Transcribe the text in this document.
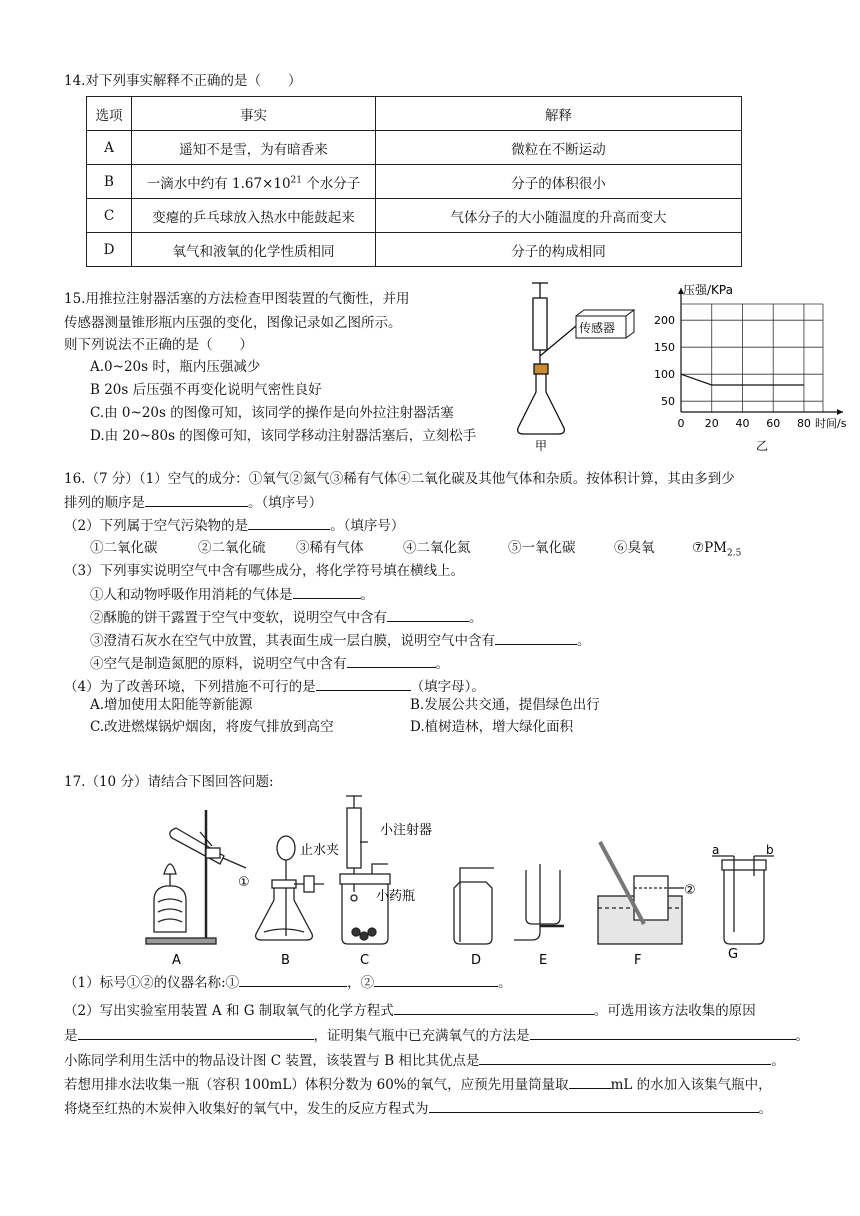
14.对下列事实解释不正确的是（　　）
选项	事实	解释
A	遥知不是雪，为有暗香来	微粒在不断运动
B	一滴水中约有 $1.67\times 10^{21}$ 个水分子	分子的体积很小
C	变瘪的乒乓球放入热水中能鼓起来	气体分子的大小随温度的升高而变大
D	氧气和液氧的化学性质相同	分子的构成相同
15.用推拉注射器活塞的方法检查甲图装置的气衡性，并用
传感器测量锥形瓶内压强的变化，图像记录如乙图所示。
则下列说法不正确的是（　　）
A.0~20s 时，瓶内压强减少
B 20s 后压强不再变化说明气密性良好
C.由 0~20s 的图像可知，该同学的操作是向外拉注射器活塞
D.由 20~80s 的图像可知，该同学移动注射器活塞后，立刻松手
传感器
甲
0 20 40 60 80
50
100
150
200
压强/KPa
时间/s
乙
16.（7 分）（1）空气的成分：①氧气②氮气③稀有气体④二氧化碳及其他气体和杂质。按体积计算，其由多到少
排列的顺序是	。（填序号）
（2）下列属于空气污染物的是	。（填序号）
①二氧化碳	②二氧化硫 ③稀有气体	④二氧化氮	⑤一氧化碳	⑥臭氧	$⑦PM_{2.5}$
（3）下列事实说明空气中含有哪些成分，将化学符号填在横线上。
①人和动物呼吸作用消耗的气体是	。
②酥脆的饼干露置于空气中变软，说明空气中含有	。
③澄清石灰水在空气中放置，其表面生成一层白膜，说明空气中含有	。
④空气是制造氮肥的原料，说明空气中含有	。
（4）为了改善环境，下列措施不可行的是	（填字母）。
A.增加使用太阳能等新能源	B.发展公共交通，提倡绿色出行
C.改进燃煤锅炉烟囱，将废气排放到高空	D.植树造林，增大绿化面积
17.（10 分）请结合下图回答问题:
小注射器
小药瓶
止水夹
①
②
a	b
A	B	C	D	E	F	G
（1）标号①②的仪器名称:①	，②	。
（2）写出实验室用装置 A 和 G 制取氧气的化学方程式	。可选用该方法收集的原因
是	，证明集气瓶中已充满氧气的方法是	。
小陈同学利用生活中的物品设计图 C 装置，该装置与 B 相比其优点是	。
若想用排水法收集一瓶（容积 100mL）体积分数为 60%的氧气，应预先用量筒量取	mL 的水加入该集气瓶中，
将烧至红热的木炭伸入收集好的氧气中，发生的反应方程式为	。
